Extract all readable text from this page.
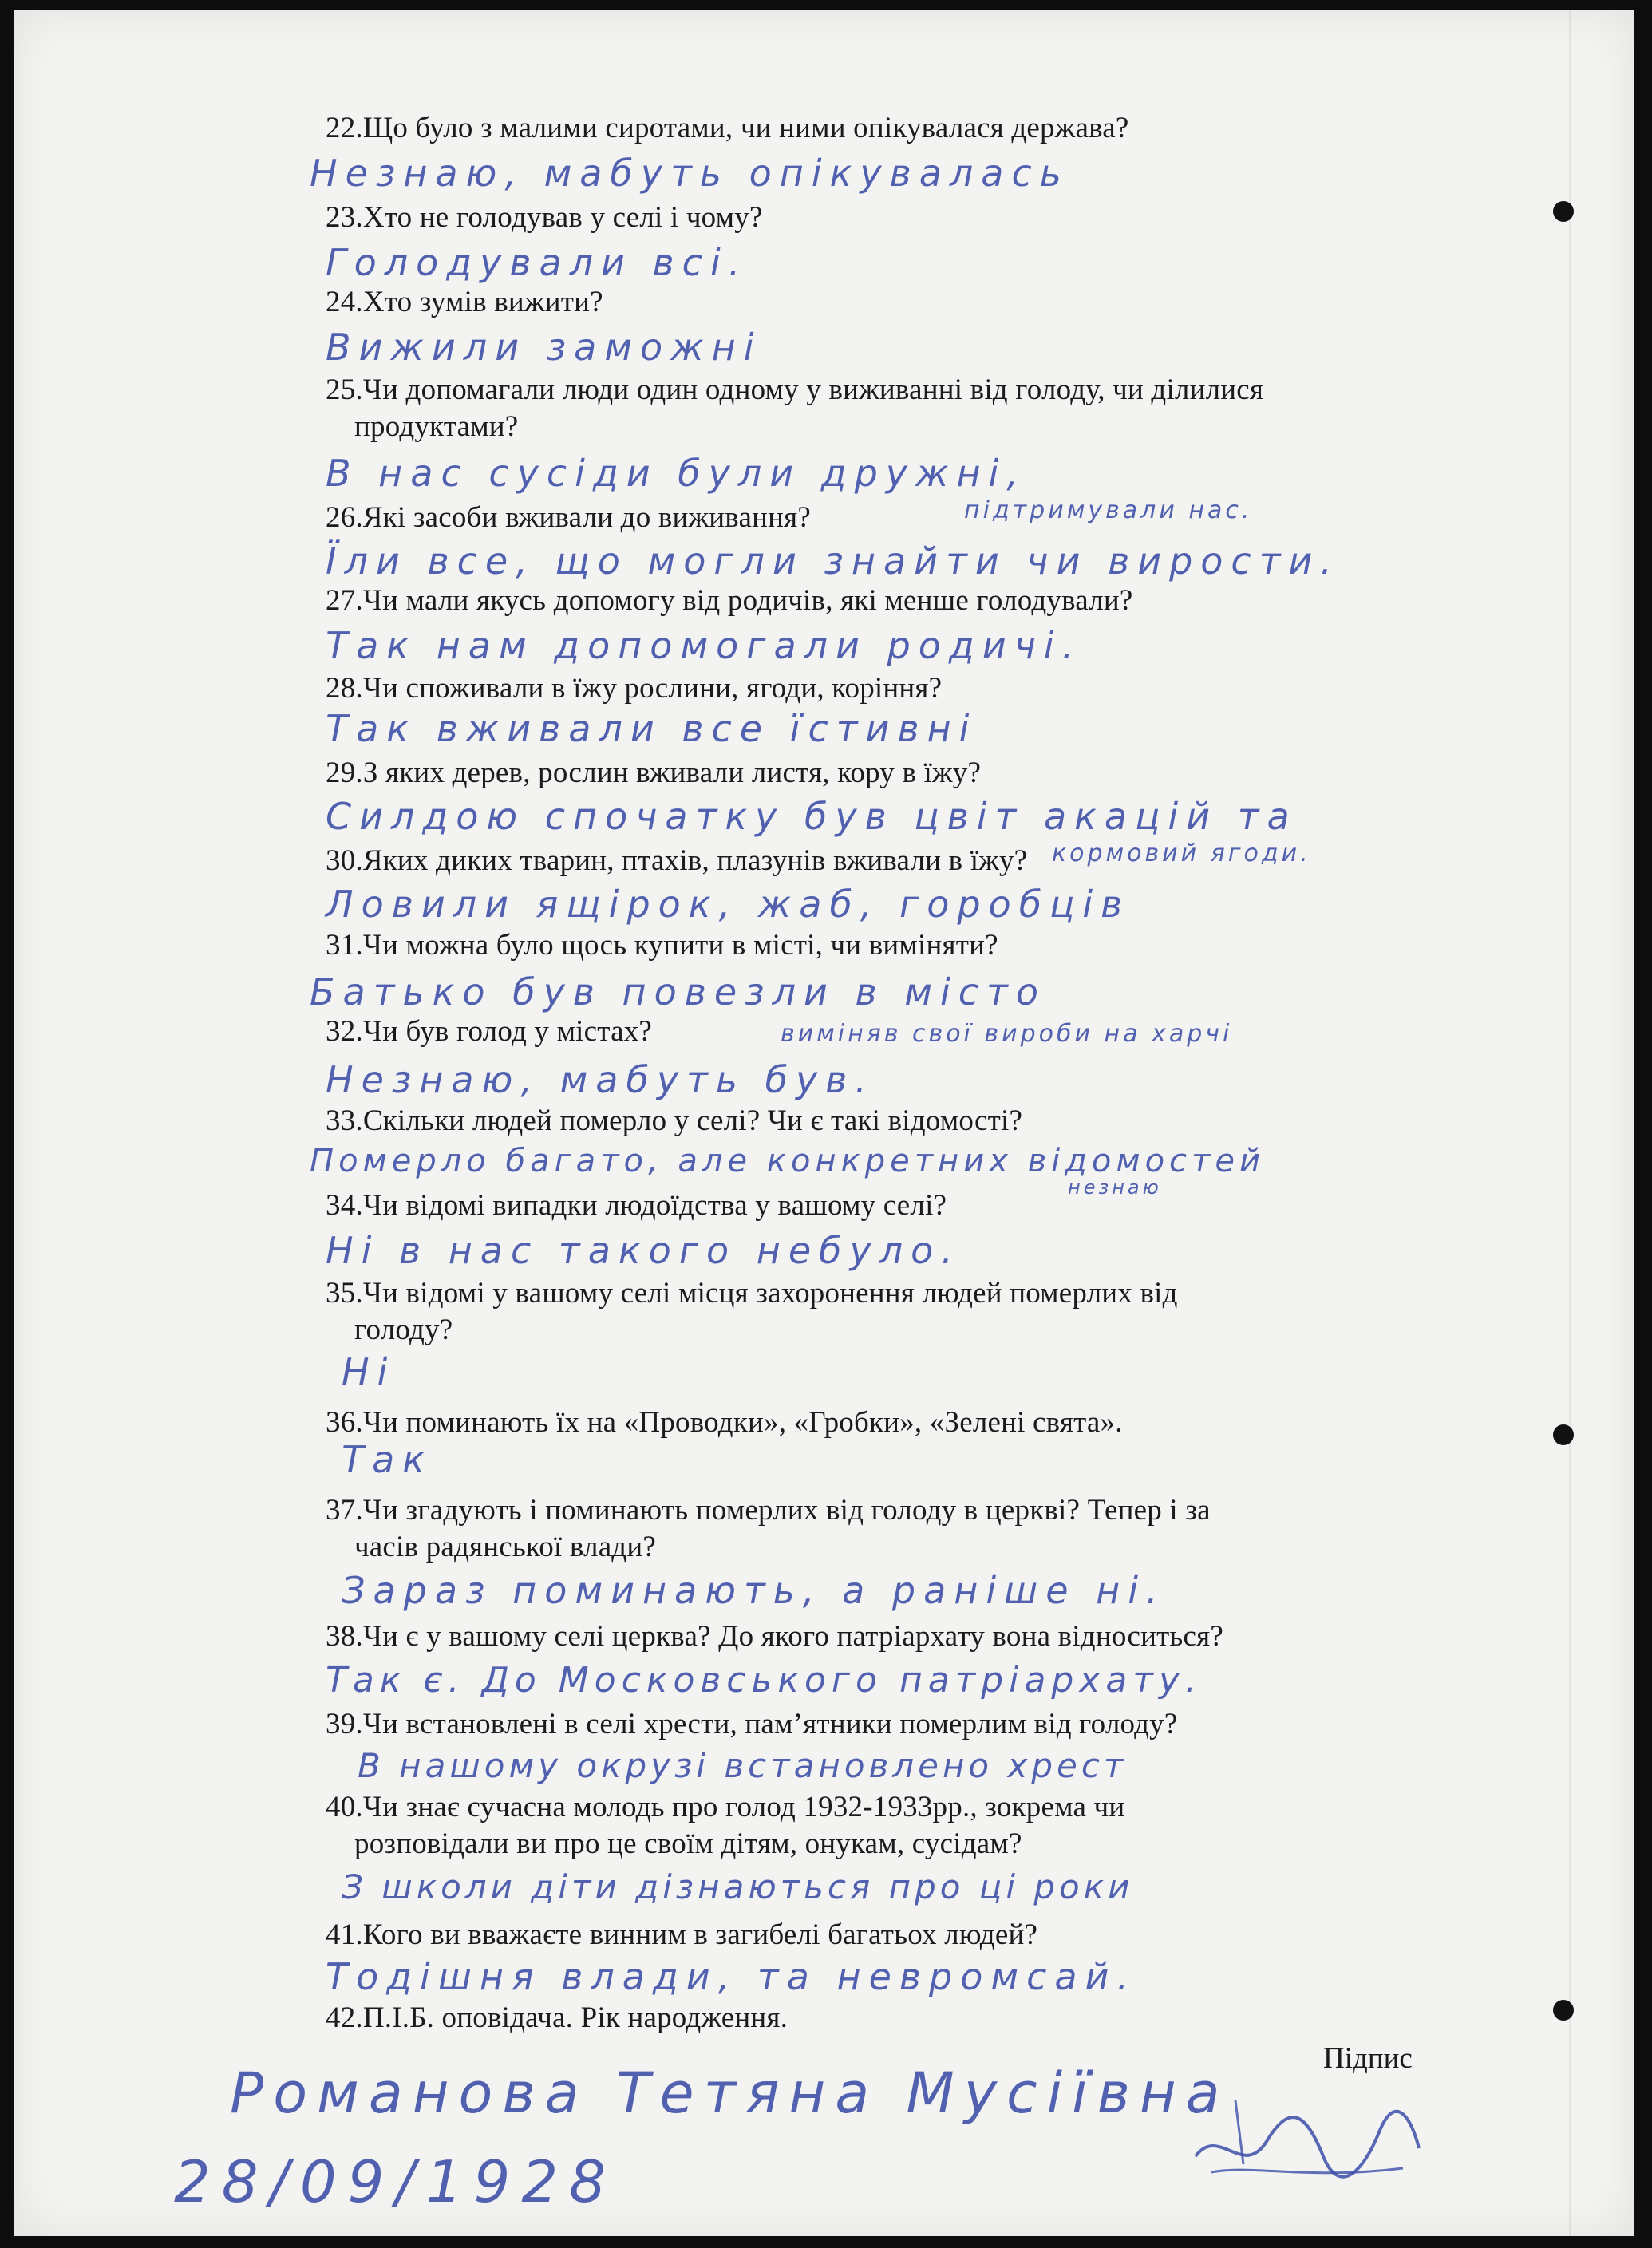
22.Що було з малими сиротами, чи ними опікувалася держава?
Незнаю, мабуть опікувалась
23.Хто не голодував у селі і чому?
Голодували всі.
24.Хто зумів вижити?
Вижили заможні
25.Чи допомагали люди один одному у виживанні від голоду, чи ділилися
продуктами?
В нас сусіди були дружні,
підтримували нас.
26.Які засоби вживали до виживання?
Їли все, що могли знайти чи вирости.
27.Чи мали якусь допомогу від родичів, які менше голодували?
Так нам допомогали родичі.
28.Чи споживали в їжу рослини, ягоди, коріння?
Так вживали все їстивні
29.З яких дерев, рослин вживали листя, кору в їжу?
Силдою спочатку був цвіт акацій та
кормовий ягоди.
30.Яких диких тварин, птахів, плазунів вживали в їжу?
Ловили ящірок, жаб, горобців
31.Чи можна було щось купити в місті, чи виміняти?
Батько був повезли в місто
виміняв свої вироби на харчі
32.Чи був голод у містах?
Незнаю, мабуть був.
33.Скільки людей померло у селі? Чи є такі відомості?
Померло багато, але конкретних відомостей
незнаю
34.Чи відомі випадки людоїдства у вашому селі?
Ні в нас такого небуло.
35.Чи відомі у вашому селі місця захоронення людей померлих від
голоду?
Ні
36.Чи поминають їх на «Проводки», «Гробки», «Зелені свята».
Так
37.Чи згадують і поминають померлих від голоду в церкві? Тепер і за
часів радянської влади?
Зараз поминають, а раніше ні.
38.Чи є у вашому селі церква? До якого патріархату вона відноситься?
Так є. До Московського патріархату.
39.Чи встановлені в селі хрести, пам’ятники померлим від голоду?
В нашому окрузі встановлено хрест
40.Чи знає сучасна молодь про голод 1932-1933рр., зокрема чи
розповідали ви про це своїм дітям, онукам, сусідам?
З школи діти дізнаються про ці роки
41.Кого ви вважаєте винним в загибелі багатьох людей?
Тодішня влади, та невромсай.
42.П.І.Б. оповідача. Рік народження.
Підпис
Романова Тетяна Мусіївна
28/09/1928
